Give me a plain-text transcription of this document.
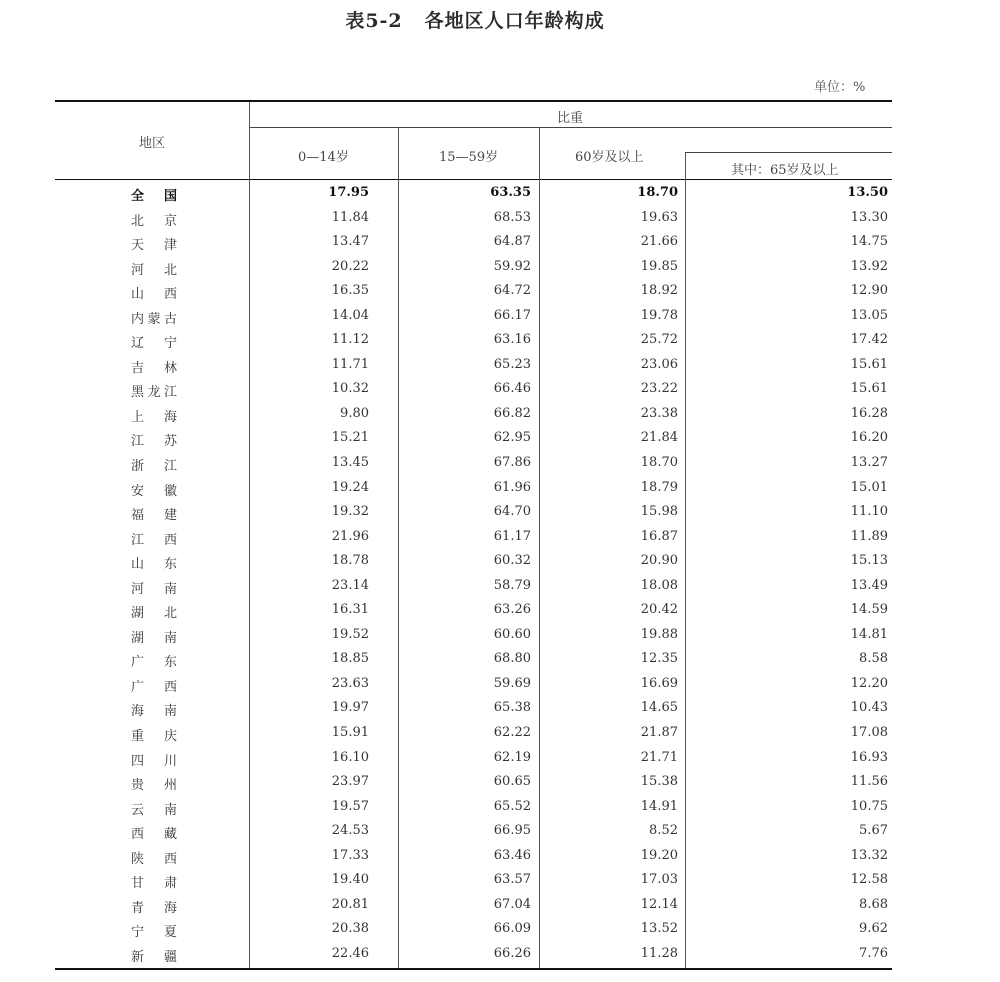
表5-2 各地区人口年龄构成
单位：%
地区
比重
0—14岁	15—59岁	60岁及以上
其中：65岁及以上
全 国	17.95	63.35	18.70	13.50
北 京	11.84	68.53	19.63	13.30
天 津	13.47	64.87	21.66	14.75
河 北	20.22	59.92	19.85	13.92
山 西	16.35	64.72	18.92	12.90
内蒙古	14.04	66.17	19.78	13.05
辽 宁	11.12	63.16	25.72	17.42
吉 林	11.71	65.23	23.06	15.61
黑龙江	10.32	66.46	23.22	15.61
上 海	9.80	66.82	23.38	16.28
江 苏	15.21	62.95	21.84	16.20
浙 江	13.45	67.86	18.70	13.27
安 徽	19.24	61.96	18.79	15.01
福 建	19.32	64.70	15.98	11.10
江 西	21.96	61.17	16.87	11.89
山 东	18.78	60.32	20.90	15.13
河 南	23.14	58.79	18.08	13.49
湖 北	16.31	63.26	20.42	14.59
湖 南	19.52	60.60	19.88	14.81
广 东	18.85	68.80	12.35	8.58
广 西	23.63	59.69	16.69	12.20
海 南	19.97	65.38	14.65	10.43
重 庆	15.91	62.22	21.87	17.08
四 川	16.10	62.19	21.71	16.93
贵 州	23.97	60.65	15.38	11.56
云 南	19.57	65.52	14.91	10.75
西 藏	24.53	66.95	8.52	5.67
陕 西	17.33	63.46	19.20	13.32
甘 肃	19.40	63.57	17.03	12.58
青 海	20.81	67.04	12.14	8.68
宁 夏	20.38	66.09	13.52	9.62
新 疆	22.46	66.26	11.28	7.76
